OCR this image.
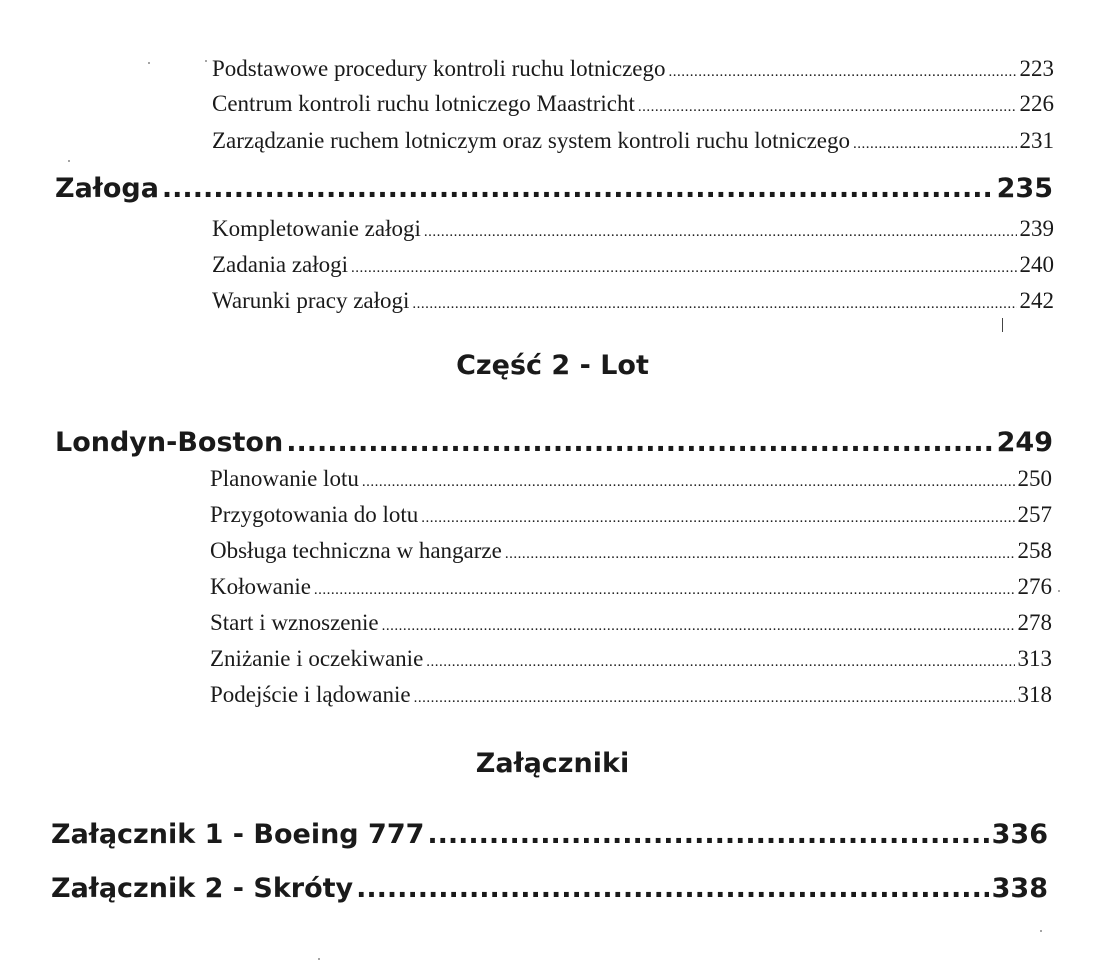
Podstawowe procedury kontroli ruchu lotniczego .....	223
Centrum kontroli ruchu lotniczego Maastricht .....	226
Zarządzanie ruchem lotniczym oraz system kontroli ruchu lotniczego .....	231
Załoga .....	235
Kompletowanie załogi .....	239
Zadania załogi .....	240
Warunki pracy załogi .....	242
Część 2 - Lot
Londyn-Boston .....	249
Planowanie lotu .....	250
Przygotowania do lotu .....	257
Obsługa techniczna w hangarze .....	258
Kołowanie .....	276
Start i wznoszenie .....	278
Zniżanie i oczekiwanie .....	313
Podejście i lądowanie .....	318
Załączniki
Załącznik 1 - Boeing 777 .....	336
Załącznik 2 - Skróty .....	338
